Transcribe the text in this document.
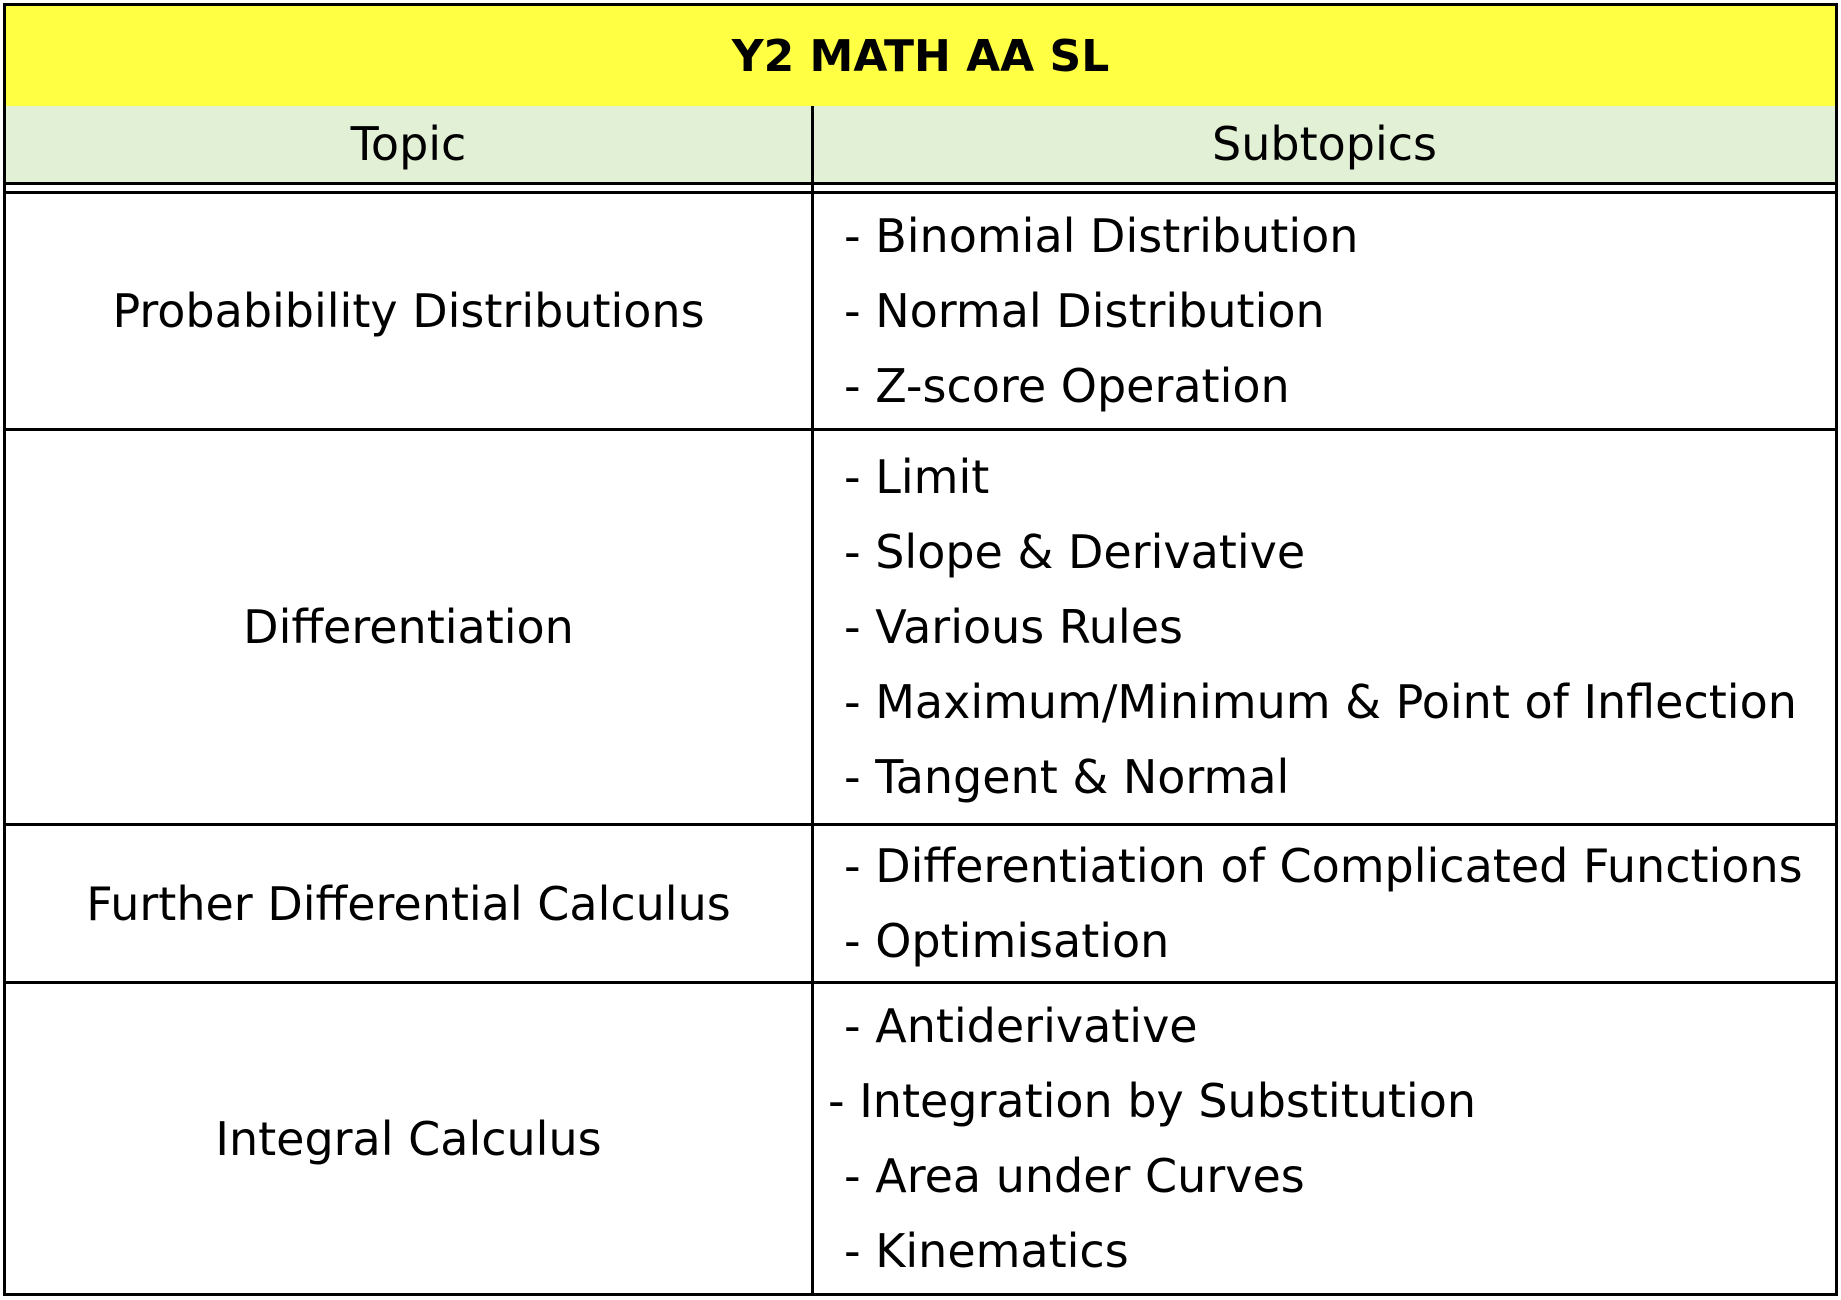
Y2 MATH AA SL
Topic	Subtopics
Probabibility Distributions
- Binomial Distribution
- Normal Distribution
- Z-score Operation
Differentiation
- Limit
- Slope & Derivative
- Various Rules
- Maximum/Minimum & Point of Inflection
- Tangent & Normal
Further Differential Calculus
- Differentiation of Complicated Functions
- Optimisation
Integral Calculus
- Antiderivative
- Integration by Substitution
- Area under Curves
- Kinematics
